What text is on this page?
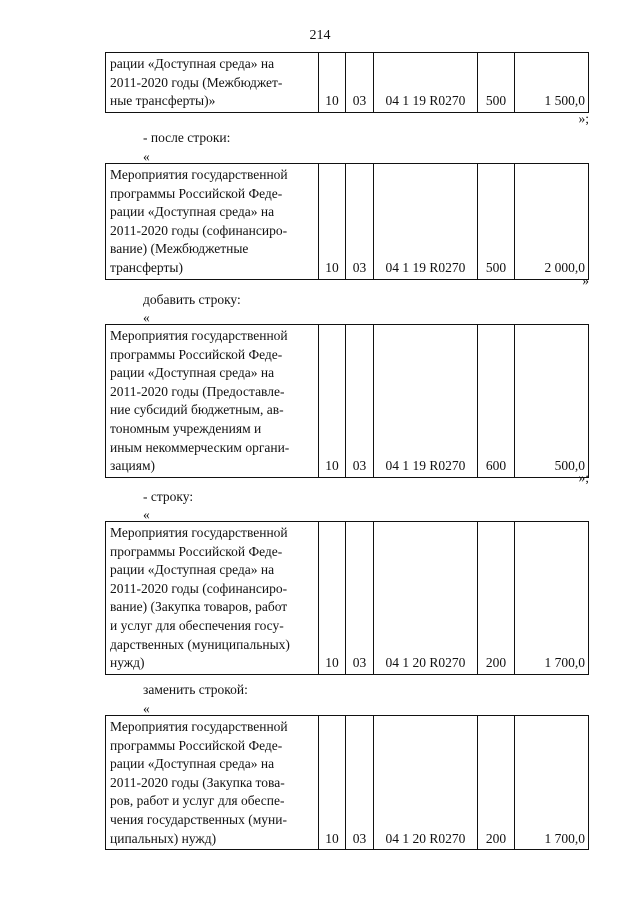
214
рации «Доступная среда» на
2011-2020 годы (Межбюджет-
ные трансферты)»	10	03	04 1 19 R0270	500	1 500,0
»;
- после строки:
«
Мероприятия государственной
программы Российской Феде-
рации «Доступная среда» на
2011-2020 годы (софинансиро-
вание) (Межбюджетные
трансферты)	10	03	04 1 19 R0270	500	2 000,0
»
добавить строку:
«
Мероприятия государственной
программы Российской Феде-
рации «Доступная среда» на
2011-2020 годы (Предоставле-
ние субсидий бюджетным, ав-
тономным учреждениям и
иным некоммерческим органи-
зациям)	10	03	04 1 19 R0270	600	500,0
»;
- строку:
«
Мероприятия государственной
программы Российской Феде-
рации «Доступная среда» на
2011-2020 годы (софинансиро-
вание) (Закупка товаров, работ
и услуг для обеспечения госу-
дарственных (муниципальных)
нужд)	10	03	04 1 20 R0270	200	1 700,0
заменить строкой:
«
Мероприятия государственной
программы Российской Феде-
рации «Доступная среда» на
2011-2020 годы (Закупка това-
ров, работ и услуг для обеспе-
чения государственных (муни-
ципальных) нужд)	10	03	04 1 20 R0270	200	1 700,0
